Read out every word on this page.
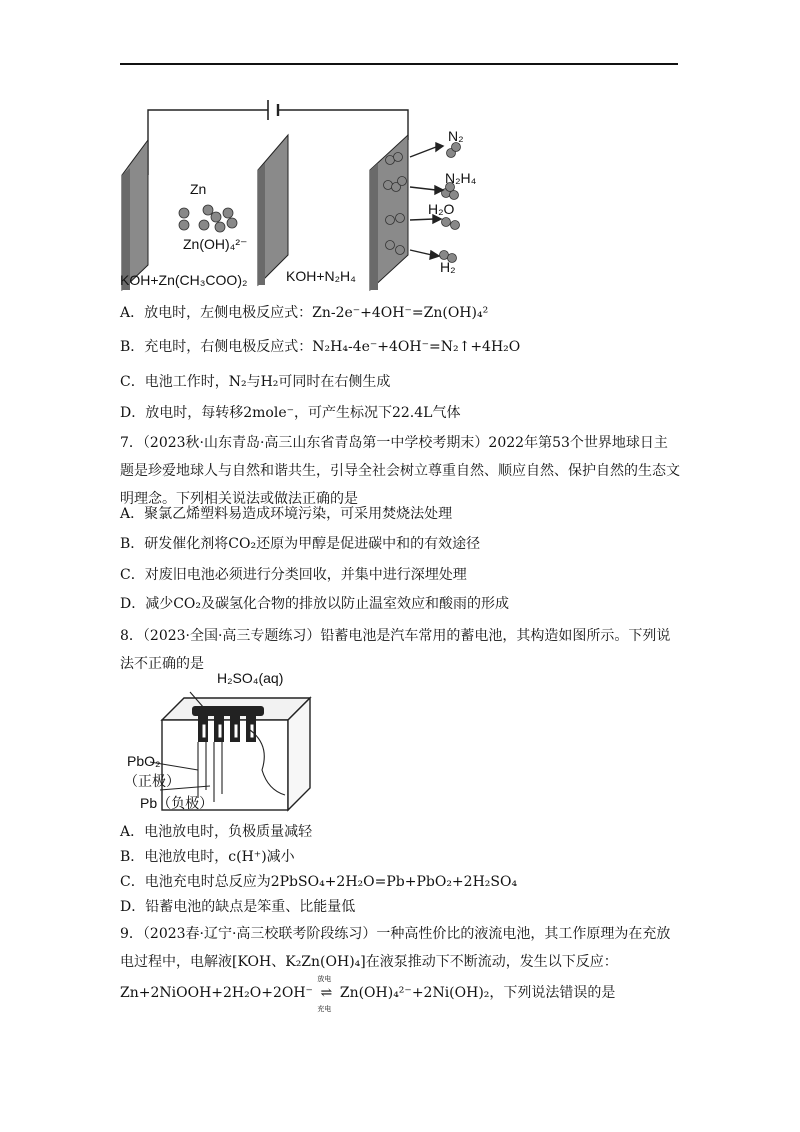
Zn
Zn(OH)₄²⁻
KOH+Zn(CH₃COO)₂	KOH+N₂H₄
N₂
N₂H₄
H₂O
H₂
A．放电时，左侧电极反应式：Zn-2e⁻+4OH⁻=Zn(OH)₄²
B．充电时，右侧电极反应式：N₂H₄-4e⁻+4OH⁻=N₂↑+4H₂O
C．电池工作时，N₂与H₂可同时在右侧生成
D．放电时，每转移2mole⁻，可产生标况下22.4L气体
7．（2023秋·山东青岛·高三山东省青岛第一中学校考期末）2022年第53个世界地球日主题是珍爱地球人与自然和谐共生，引导全社会树立尊重自然、顺应自然、保护自然的生态文明理念。下列相关说法或做法正确的是
A．聚氯乙烯塑料易造成环境污染，可采用焚烧法处理
B．研发催化剂将CO₂还原为甲醇是促进碳中和的有效途径
C．对废旧电池必须进行分类回收，并集中进行深埋处理
D．减少CO₂及碳氢化合物的排放以防止温室效应和酸雨的形成
8．（2023·全国·高三专题练习）铅蓄电池是汽车常用的蓄电池，其构造如图所示。下列说法不正确的是
H₂SO₄(aq)
PbO₂
（正极）
Pb（负极）
A．电池放电时，负极质量减轻
B．电池放电时，c(H⁺)减小
C．电池充电时总反应为2PbSO₄+2H₂O=Pb+PbO₂+2H₂SO₄
D．铅蓄电池的缺点是笨重、比能量低
9．（2023春·辽宁·高三校联考阶段练习）一种高性价比的液流电池，其工作原理为在充放电过程中，电解液[KOH、K₂Zn(OH)₄]在液泵推动下不断流动，发生以下反应：
Zn+2NiOOH+2H₂O+2OH⁻
放电
⇌
充电
Zn(OH)₄²⁻+2Ni(OH)₂，下列说法错误的是
